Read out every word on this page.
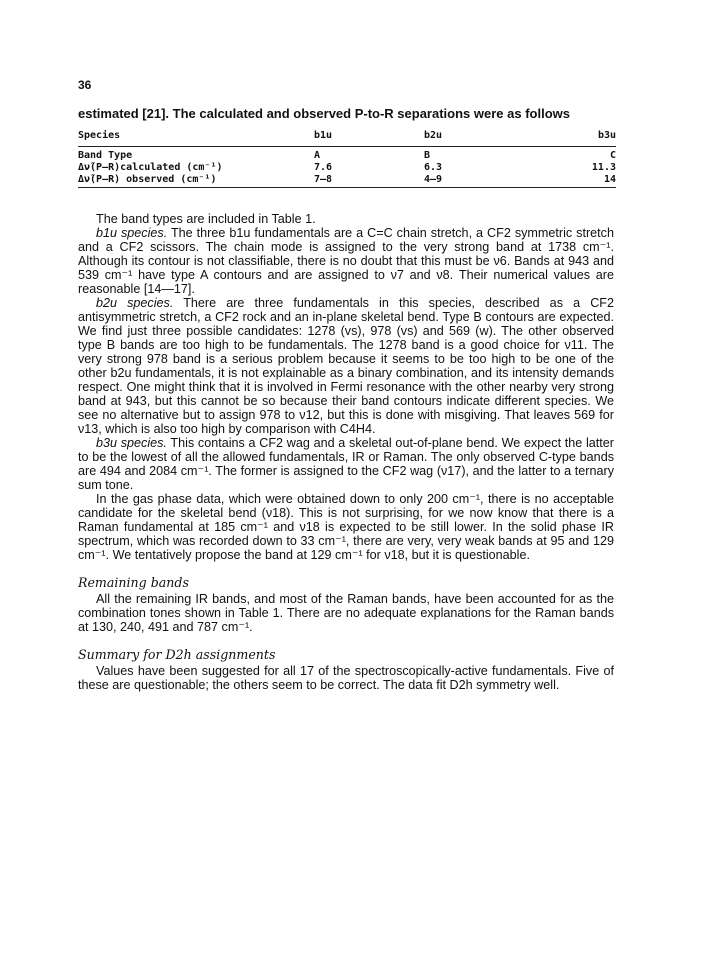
36
estimated [21]. The calculated and observed P-to-R separations were as follows
Species	b1u	b2u	b3u
Band Type	A	B	C
Δν̃(P—R)calculated (cm⁻¹)	7.6	6.3	11.3
Δν̃(P—R) observed (cm⁻¹)	7—8	4—9	14

The band types are included in Table 1.

b1u species. The three b1u fundamentals are a C=C chain stretch, a CF2 symmetric stretch and a CF2 scissors. The chain mode is assigned to the very strong band at 1738 cm⁻¹. Although its contour is not classifiable, there is no doubt that this must be ν6. Bands at 943 and 539 cm⁻¹ have type A contours and are assigned to ν7 and ν8. Their numerical values are reasonable [14—17].

b2u species. There are three fundamentals in this species, described as a CF2 antisymmetric stretch, a CF2 rock and an in-plane skeletal bend. Type B contours are expected. We find just three possible candidates: 1278 (vs), 978 (vs) and 569 (w). The other observed type B bands are too high to be fundamentals. The 1278 band is a good choice for ν11. The very strong 978 band is a serious problem because it seems to be too high to be one of the other b2u fundamentals, it is not explainable as a binary combination, and its intensity demands respect. One might think that it is involved in Fermi resonance with the other nearby very strong band at 943, but this cannot be so because their band contours indicate different species. We see no alternative but to assign 978 to ν12, but this is done with misgiving. That leaves 569 for ν13, which is also too high by comparison with C4H4.

b3u species. This contains a CF2 wag and a skeletal out-of-plane bend. We expect the latter to be the lowest of all the allowed fundamentals, IR or Raman. The only observed C-type bands are 494 and 2084 cm⁻¹. The former is assigned to the CF2 wag (ν17), and the latter to a ternary sum tone.

In the gas phase data, which were obtained down to only 200 cm⁻¹, there is no acceptable candidate for the skeletal bend (ν18). This is not surprising, for we now know that there is a Raman fundamental at 185 cm⁻¹ and ν18 is expected to be still lower. In the solid phase IR spectrum, which was recorded down to 33 cm⁻¹, there are very, very weak bands at 95 and 129 cm⁻¹. We tentatively propose the band at 129 cm⁻¹ for ν18, but it is questionable.

Remaining bands

All the remaining IR bands, and most of the Raman bands, have been accounted for as the combination tones shown in Table 1. There are no adequate explanations for the Raman bands at 130, 240, 491 and 787 cm⁻¹.

Summary for D2h assignments

Values have been suggested for all 17 of the spectroscopically-active fundamentals. Five of these are questionable; the others seem to be correct. The data fit D2h symmetry well.
